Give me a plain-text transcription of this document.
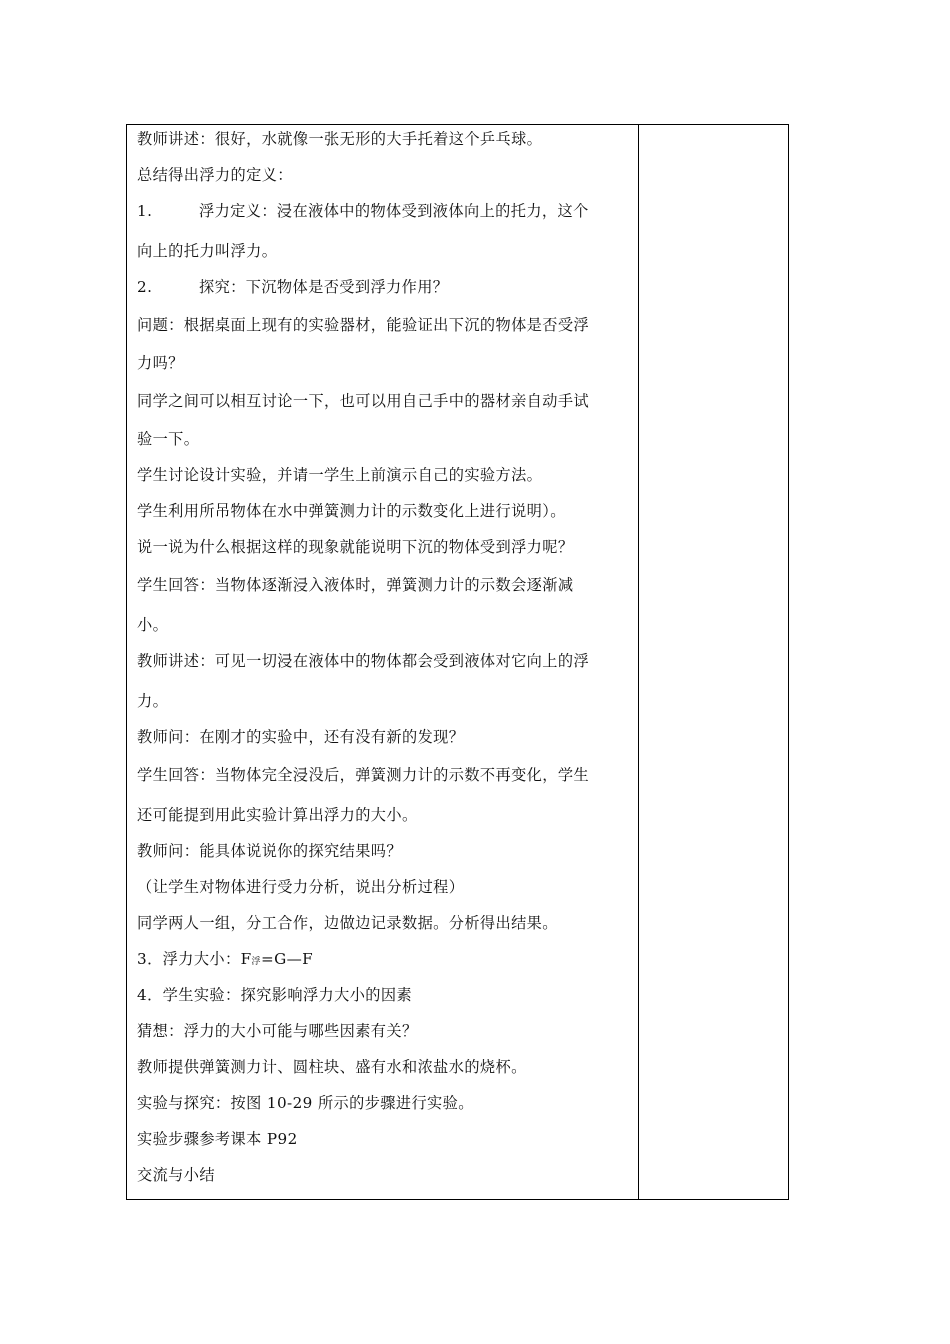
教师讲述：很好，水就像一张无形的大手托着这个乒乓球。
总结得出浮力的定义：
1.	浮力定义：浸在液体中的物体受到液体向上的托力，这个
向上的托力叫浮力。
2.	探究：下沉物体是否受到浮力作用？
问题：根据桌面上现有的实验器材，能验证出下沉的物体是否受浮
力吗？
同学之间可以相互讨论一下，也可以用自己手中的器材亲自动手试
验一下。
学生讨论设计实验，并请一学生上前演示自己的实验方法。
学生利用所吊物体在水中弹簧测力计的示数变化上进行说明）。
说一说为什么根据这样的现象就能说明下沉的物体受到浮力呢？
学生回答：当物体逐渐浸入液体时，弹簧测力计的示数会逐渐减
小。
教师讲述：可见一切浸在液体中的物体都会受到液体对它向上的浮
力。
教师问：在刚才的实验中，还有没有新的发现？
学生回答：当物体完全浸没后，弹簧测力计的示数不再变化，学生
还可能提到用此实验计算出浮力的大小。
教师问：能具体说说你的探究结果吗？
（让学生对物体进行受力分析，说出分析过程）
同学两人一组，分工合作，边做边记录数据。分析得出结果。
3．浮力大小：F浮=G—F
4．学生实验：探究影响浮力大小的因素
猜想：浮力的大小可能与哪些因素有关？
教师提供弹簧测力计、圆柱块、盛有水和浓盐水的烧杯。
实验与探究：按图 10-29 所示的步骤进行实验。
实验步骤参考课本 P92
交流与小结
